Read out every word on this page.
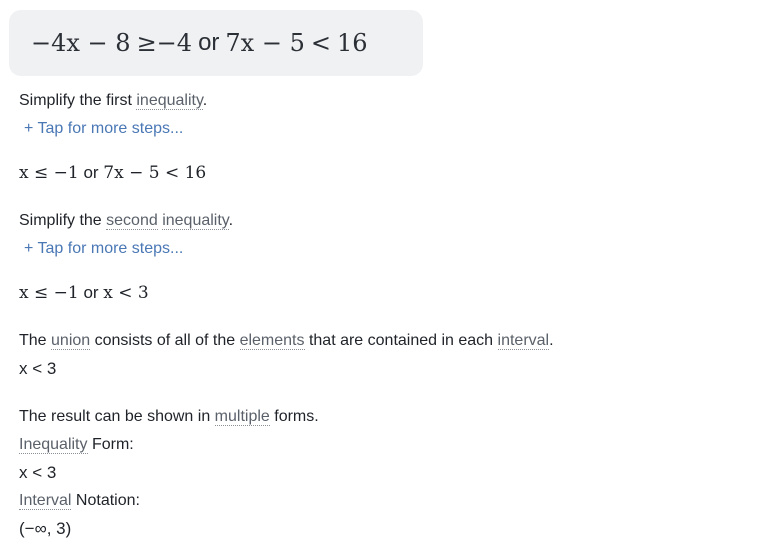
−4x − 8 ≥ −4 or 7x − 5 < 16
Simplify the first inequality.
+ Tap for more steps...
x ≤ −1 or 7x − 5 < 16
Simplify the second inequality.
+ Tap for more steps...
x ≤ −1 or x < 3
The union consists of all of the elements that are contained in each interval.
x < 3
The result can be shown in multiple forms.
Inequality Form:
x < 3
Interval Notation:
(−∞, 3)
